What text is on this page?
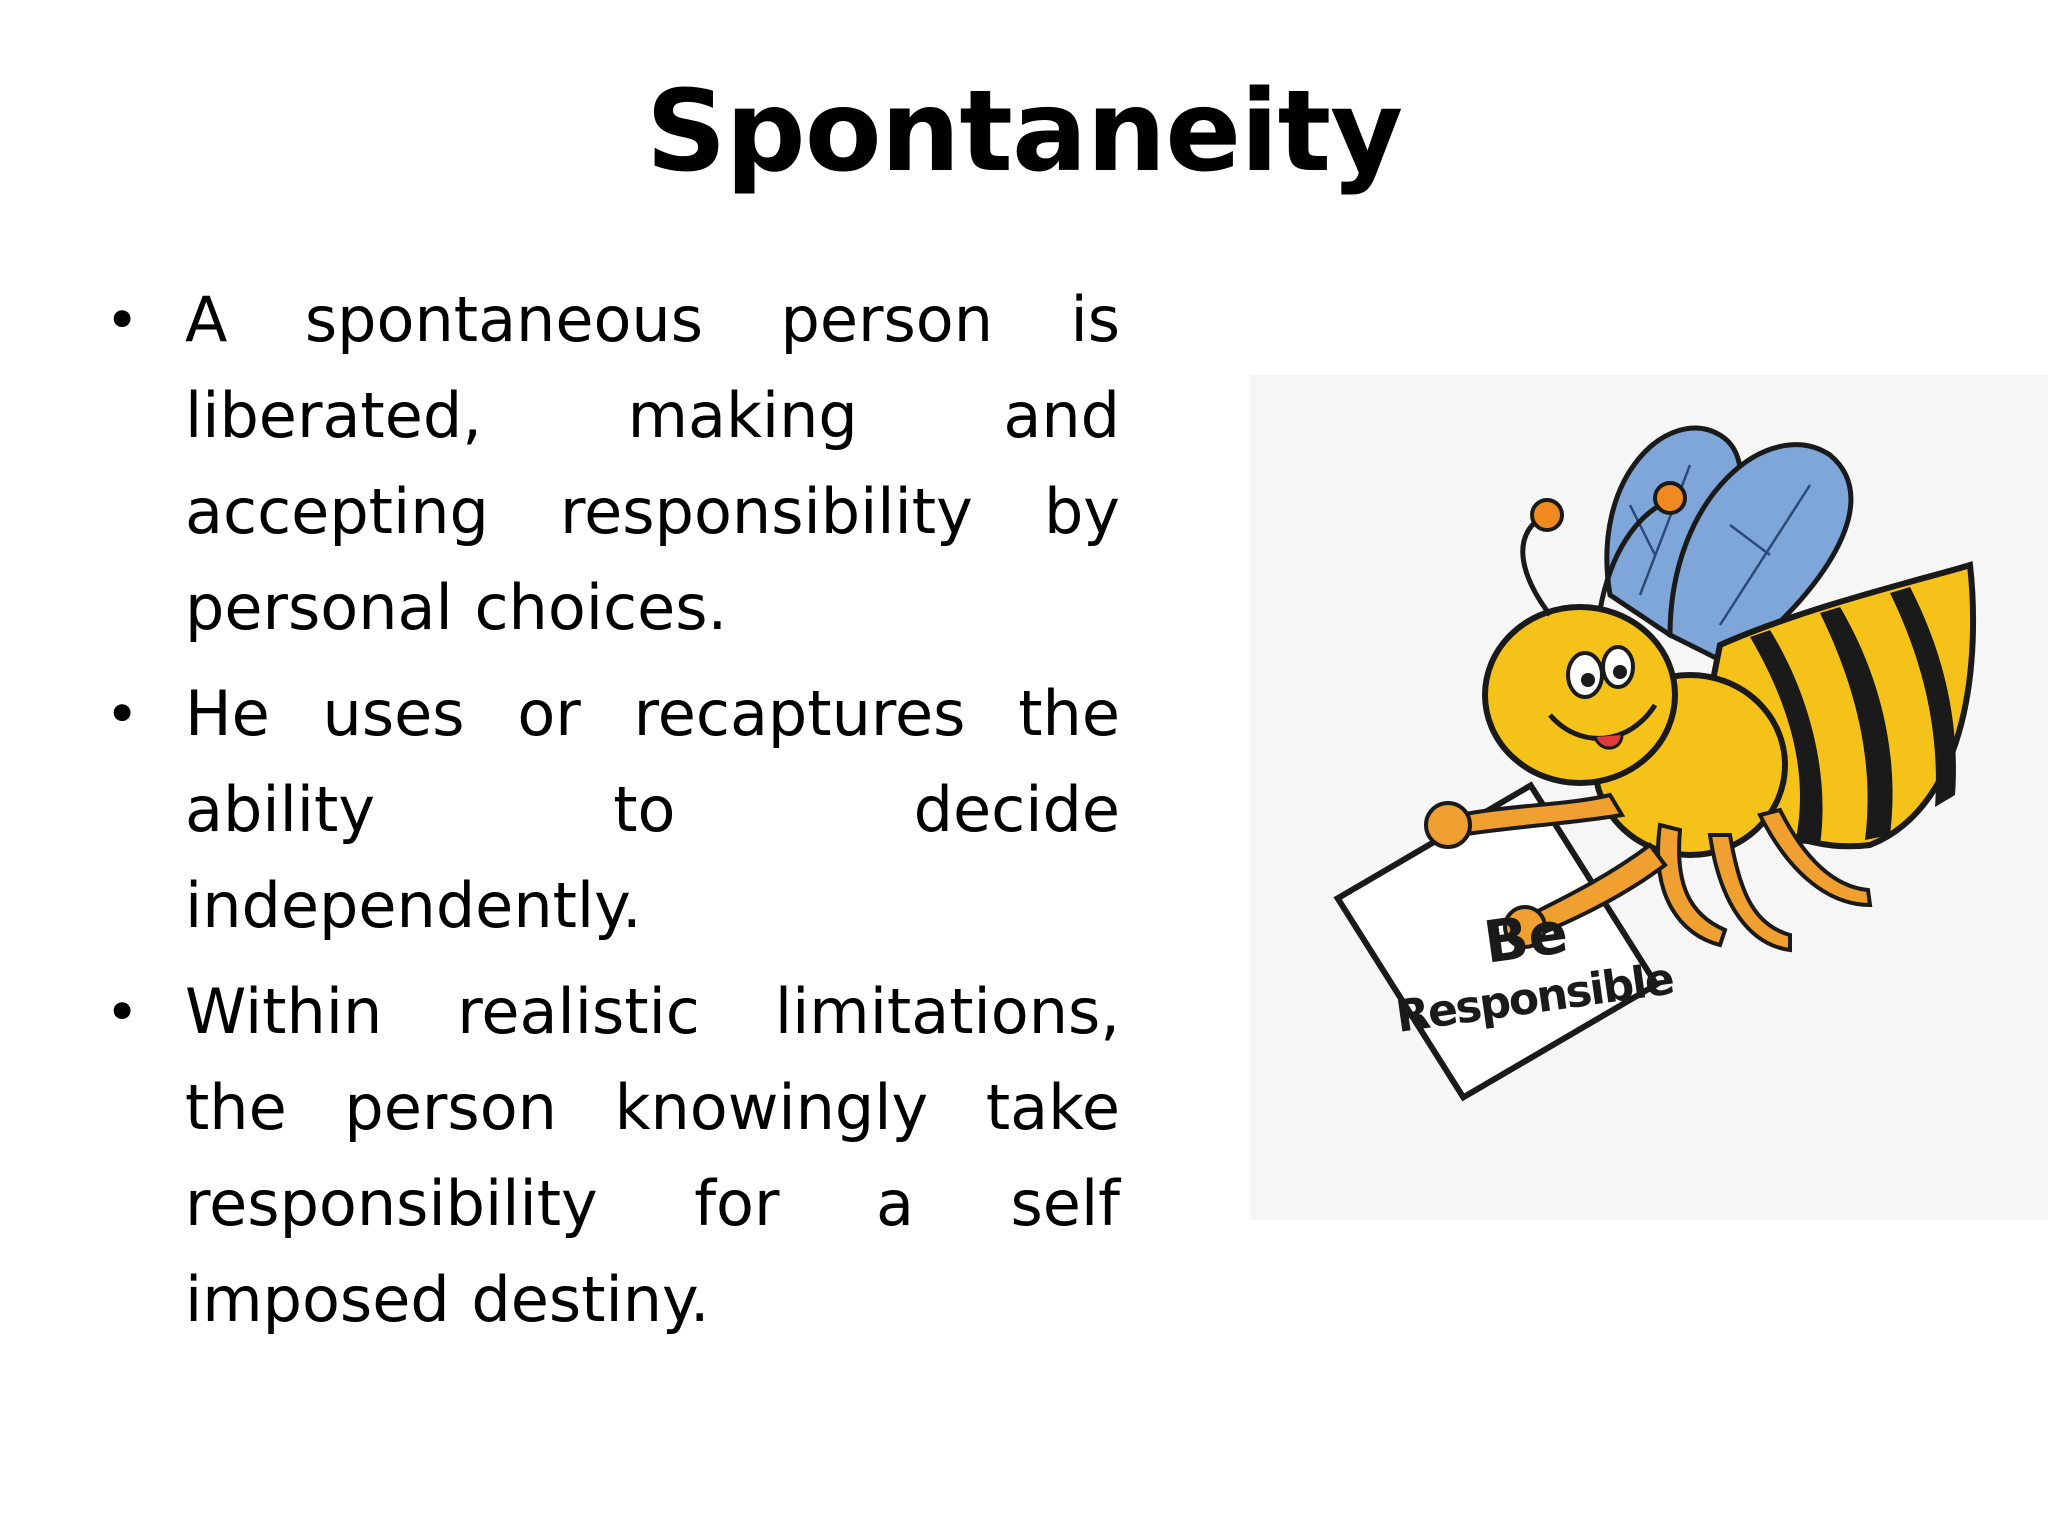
Spontaneity
• A spontaneous person is liberated, making and accepting responsibility by personal choices.
• He uses or recaptures the ability to decide independently.
• Within realistic limitations, the person knowingly take responsibility for a self imposed destiny.
Be
Responsible
